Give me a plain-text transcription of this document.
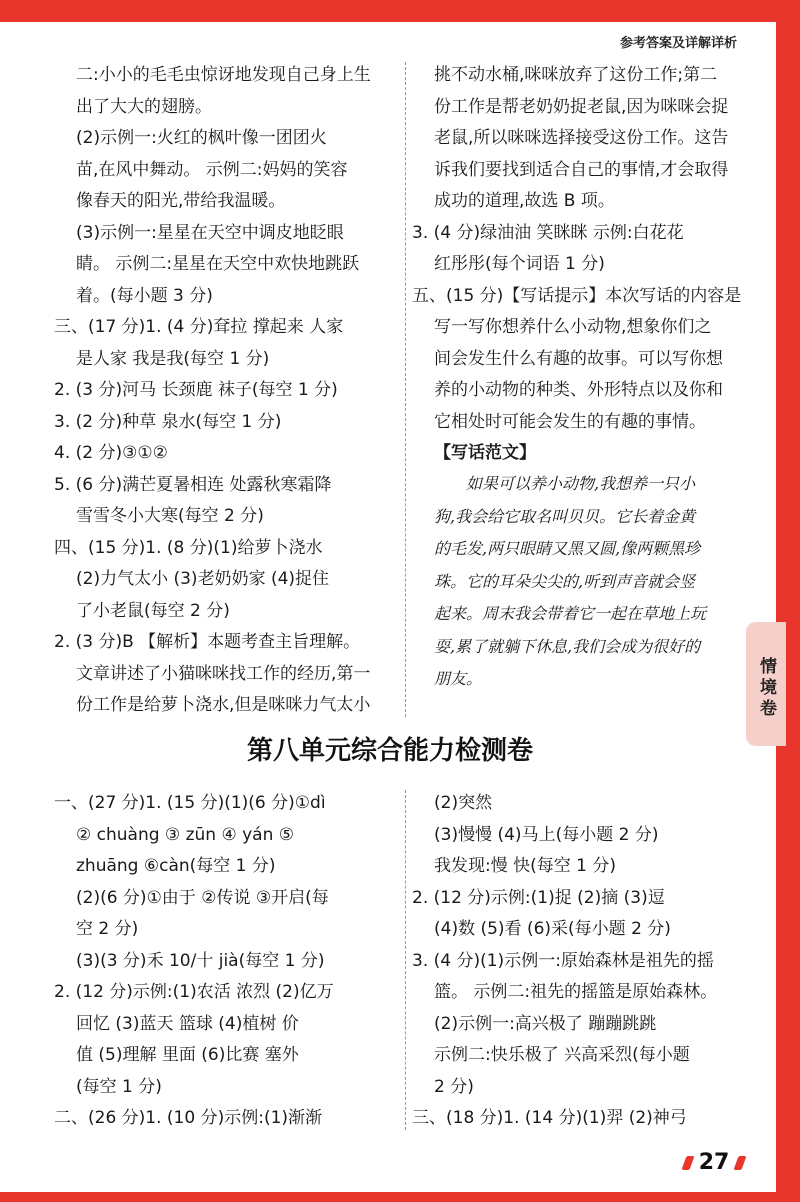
参考答案及详解详析

二:小小的毛毛虫惊讶地发现自己身上生

出了大大的翅膀。

(2)示例一:火红的枫叶像一团团火

苗,在风中舞动。 示例二:妈妈的笑容

像春天的阳光,带给我温暖。

(3)示例一:星星在天空中调皮地眨眼

睛。 示例二:星星在天空中欢快地跳跃

着。(每小题 3 分)

三、(17 分)1. (4 分)耷拉 撑起来 人家

是人家 我是我(每空 1 分)

2. (3 分)河马 长颈鹿 袜子(每空 1 分)

3. (2 分)种草 泉水(每空 1 分)

4. (2 分)③①②

5. (6 分)满芒夏暑相连 处露秋寒霜降

雪雪冬小大寒(每空 2 分)

四、(15 分)1. (8 分)(1)给萝卜浇水

(2)力气太小 (3)老奶奶家 (4)捉住

了小老鼠(每空 2 分)

2. (3 分)B 【解析】本题考查主旨理解。

文章讲述了小猫咪咪找工作的经历,第一

份工作是给萝卜浇水,但是咪咪力气太小

挑不动水桶,咪咪放弃了这份工作;第二

份工作是帮老奶奶捉老鼠,因为咪咪会捉

老鼠,所以咪咪选择接受这份工作。这告

诉我们要找到适合自己的事情,才会取得

成功的道理,故选 B 项。

3. (4 分)绿油油 笑眯眯 示例:白花花

红彤彤(每个词语 1 分)

五、(15 分)【写话提示】本次写话的内容是

写一写你想养什么小动物,想象你们之

间会发生什么有趣的故事。可以写你想

养的小动物的种类、外形特点以及你和

它相处时可能会发生的有趣的事情。

【写话范文】

如果可以养小动物,我想养一只小

狗,我会给它取名叫贝贝。它长着金黄

的毛发,两只眼睛又黑又圆,像两颗黑珍

珠。它的耳朵尖尖的,听到声音就会竖

起来。周末我会带着它一起在草地上玩

耍,累了就躺下休息,我们会成为很好的

朋友。	情境卷
第八单元综合能力检测卷

一、(27 分)1. (15 分)(1)(6 分)①dì

② chuàng ③ zūn ④ yán ⑤

zhuāng ⑥càn(每空 1 分)

(2)(6 分)①由于 ②传说 ③开启(每

空 2 分)

(3)(3 分)禾 10/十 jià(每空 1 分)

2. (12 分)示例:(1)农活 浓烈 (2)亿万

回忆 (3)蓝天 篮球 (4)植树 价

值 (5)理解 里面 (6)比赛 塞外

(每空 1 分)

二、(26 分)1. (10 分)示例:(1)渐渐

(2)突然

(3)慢慢 (4)马上(每小题 2 分)

我发现:慢 快(每空 1 分)

2. (12 分)示例:(1)捉 (2)摘 (3)逗

(4)数 (5)看 (6)采(每小题 2 分)

3. (4 分)(1)示例一:原始森林是祖先的摇

篮。 示例二:祖先的摇篮是原始森林。

(2)示例一:高兴极了 蹦蹦跳跳

示例二:快乐极了 兴高采烈(每小题

2 分)

三、(18 分)1. (14 分)(1)羿 (2)神弓

27
